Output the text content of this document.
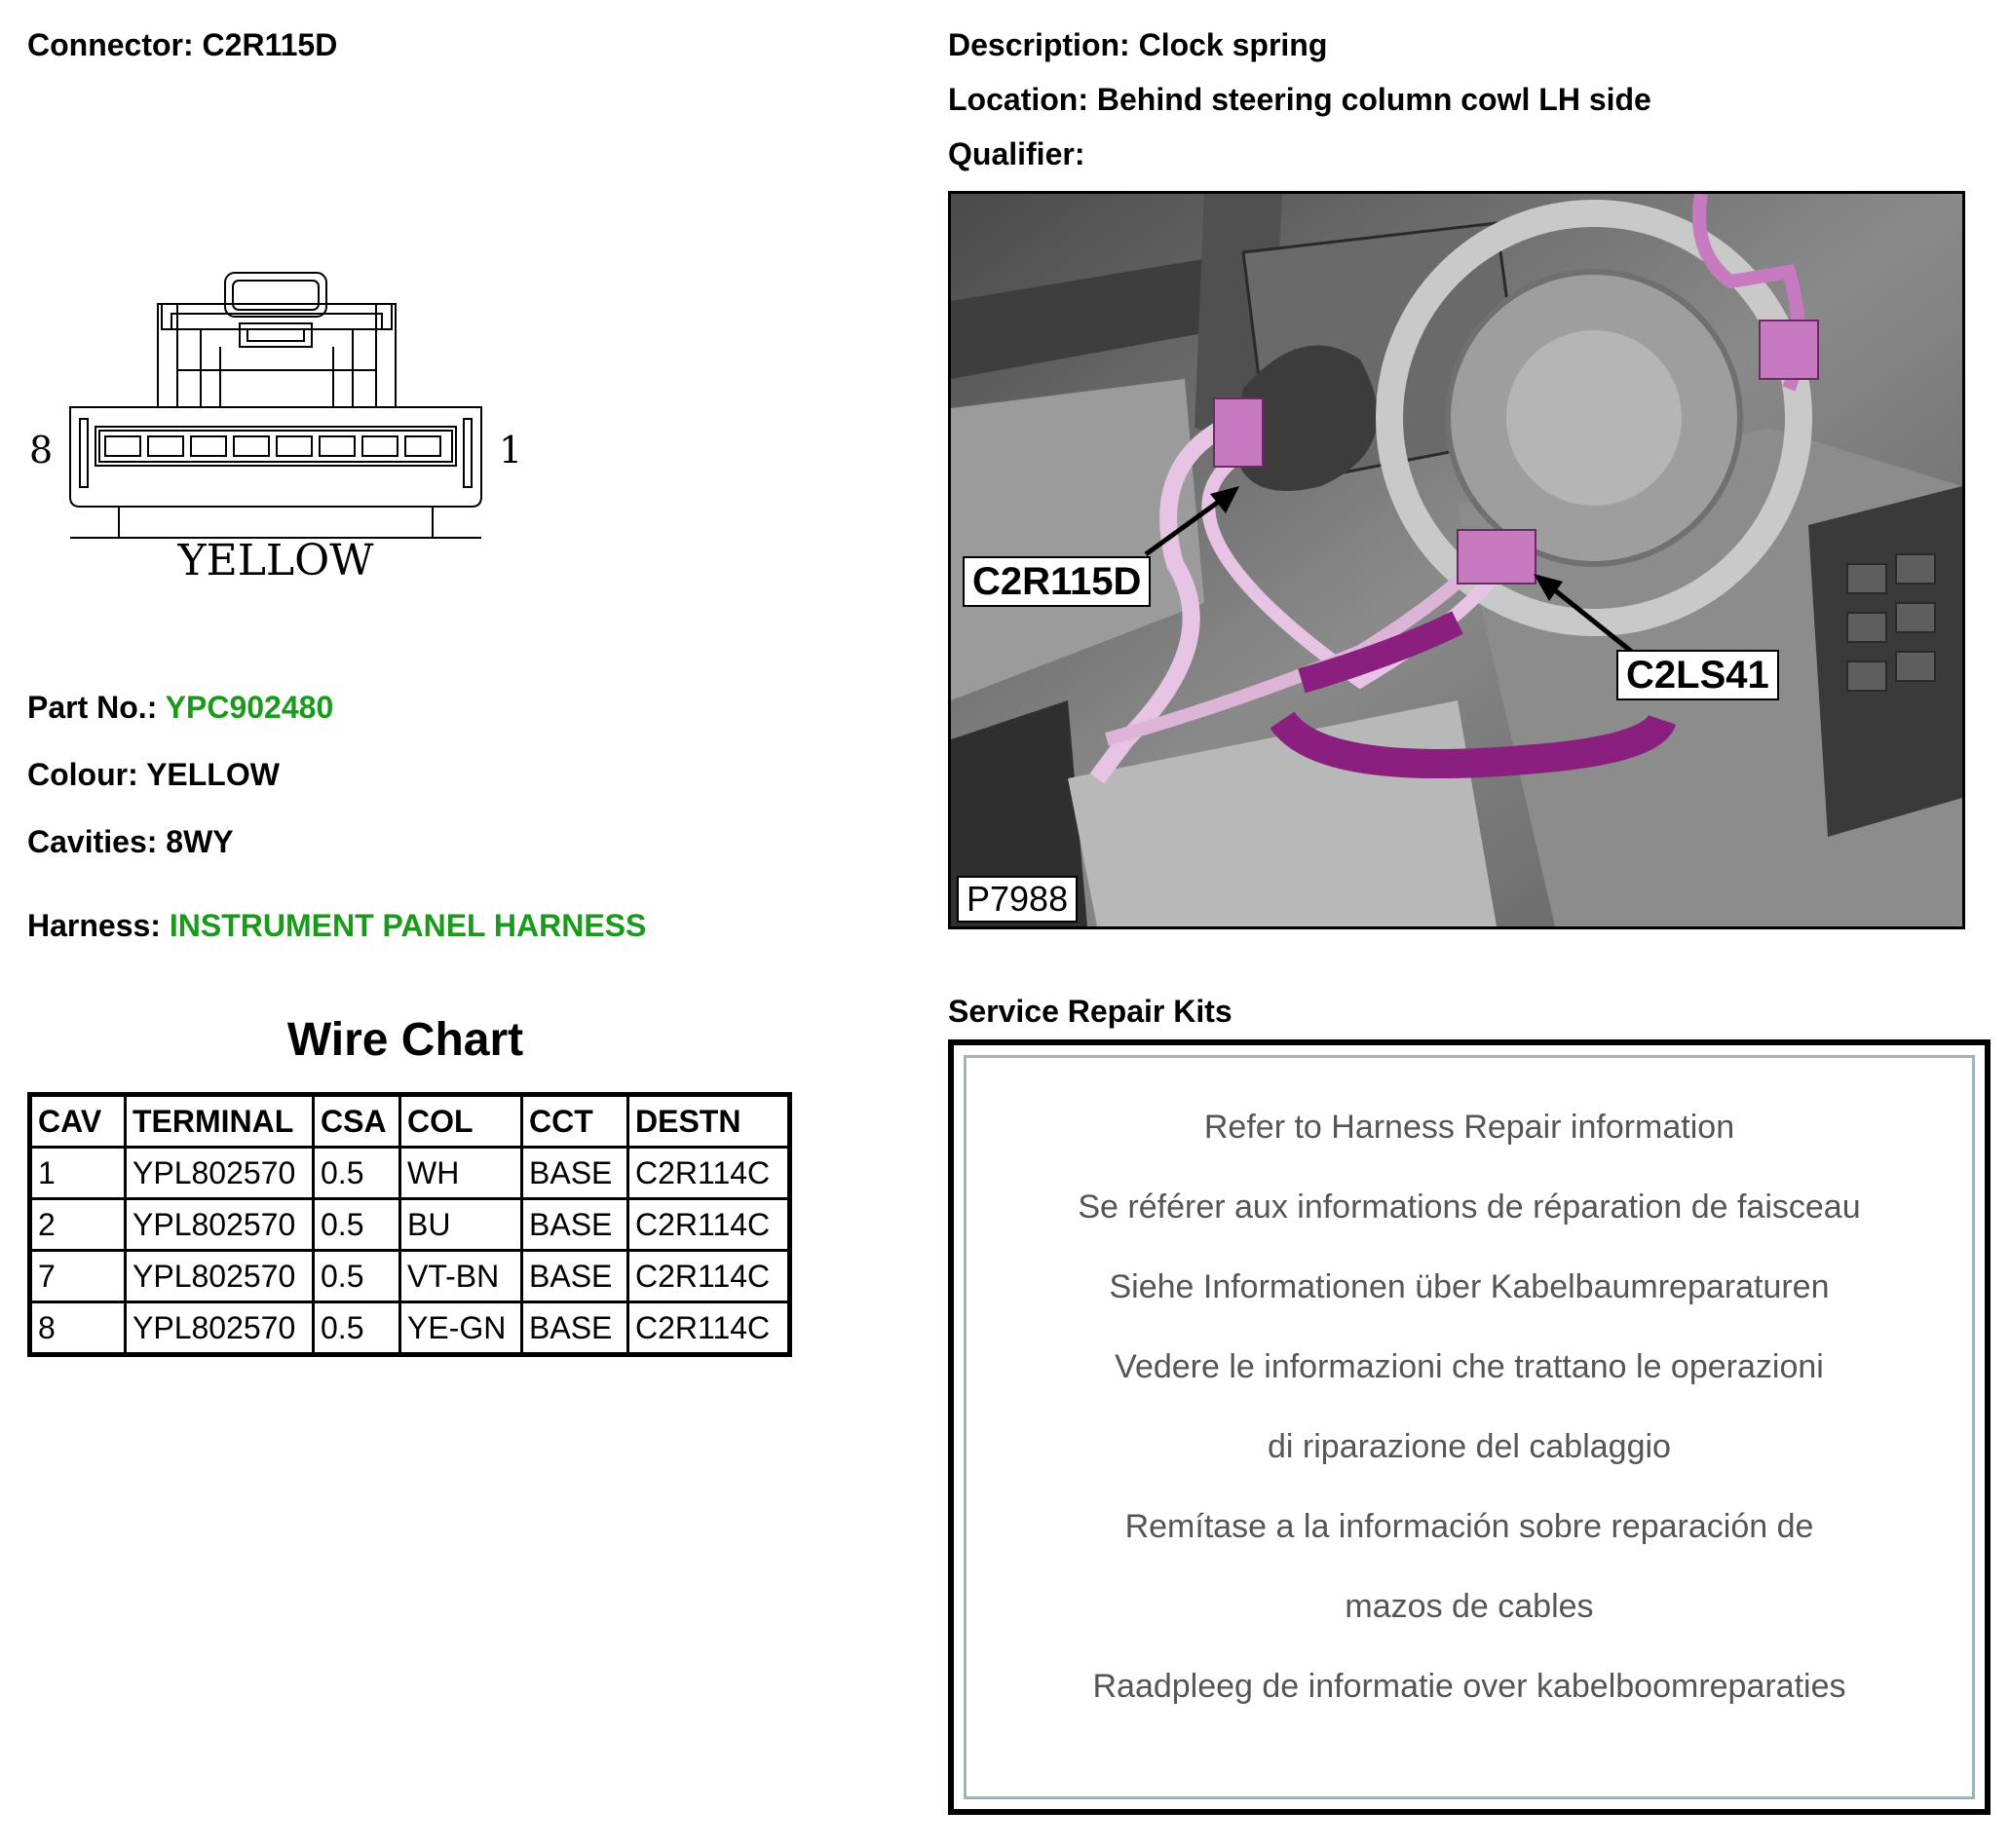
Connector: C2R115D
8	1
YELLOW
Part No.: YPC902480
Colour: YELLOW
Cavities: 8WY
Harness: INSTRUMENT PANEL HARNESS
Wire Chart
CAV	TERMINAL	CSA	COL	CCT	DESTN
1	YPL802570	0.5	WH	BASE	C2R114C
2	YPL802570	0.5	BU	BASE	C2R114C
7	YPL802570	0.5	VT-BN	BASE	C2R114C
8	YPL802570	0.5	YE-GN	BASE	C2R114C
Description: Clock spring
Location: Behind steering column cowl LH side
Qualifier:
C2R115D
C2LS41
P7988
Service Repair Kits
Refer to Harness Repair information
Se référer aux informations de réparation de faisceau
Siehe Informationen über Kabelbaumreparaturen
Vedere le informazioni che trattano le operazioni
di riparazione del cablaggio
Remítase a la información sobre reparación de
mazos de cables
Raadpleeg de informatie over kabelboomreparaties
